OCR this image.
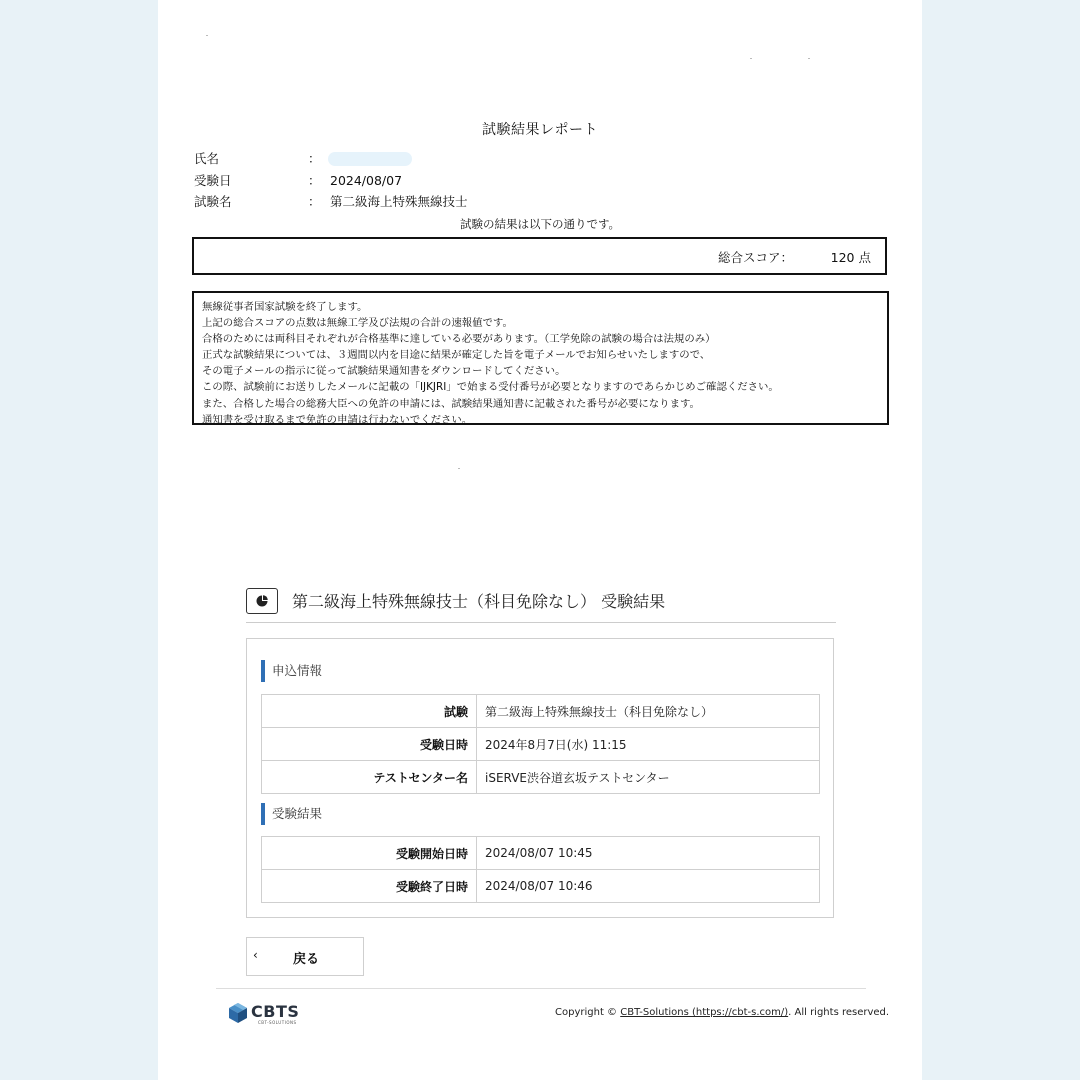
試験結果レポート
氏名	：
受験日	： 2024/08/07
試験名	： 第二級海上特殊無線技士
試験の結果は以下の通りです。
総合スコア：	120 点

無線従事者国家試験を終了します。

上記の総合スコアの点数は無線工学及び法規の合計の速報値です。

合格のためには両科目それぞれが合格基準に達している必要があります。（工学免除の試験の場合は法規のみ）

正式な試験結果については、３週間以内を目途に結果が確定した旨を電子メールでお知らせいたしますので、

その電子メールの指示に従って試験結果通知書をダウンロードしてください。

この際、試験前にお送りしたメールに記載の「IJKJRI」で始まる受付番号が必要となりますのであらかじめご確認ください。

また、合格した場合の総務大臣への免許の申請には、試験結果通知書に記載された番号が必要になります。

通知書を受け取るまで免許の申請は行わないでください。

第二級海上特殊無線技士（科目免除なし） 受験結果
申込情報
試験	第二級海上特殊無線技士（科目免除なし）
受験日時	2024年8月7日(水) 11:15
テストセンター名	iSERVE渋谷道玄坂テストセンター
受験結果
受験開始日時	2024/08/07 10:45
受験終了日時	2024/08/07 10:46
‹	戻る
CBTS
CBT-SOLUTIONS
Copyright © CBT-Solutions (https://cbt-s.com/). All rights reserved.
